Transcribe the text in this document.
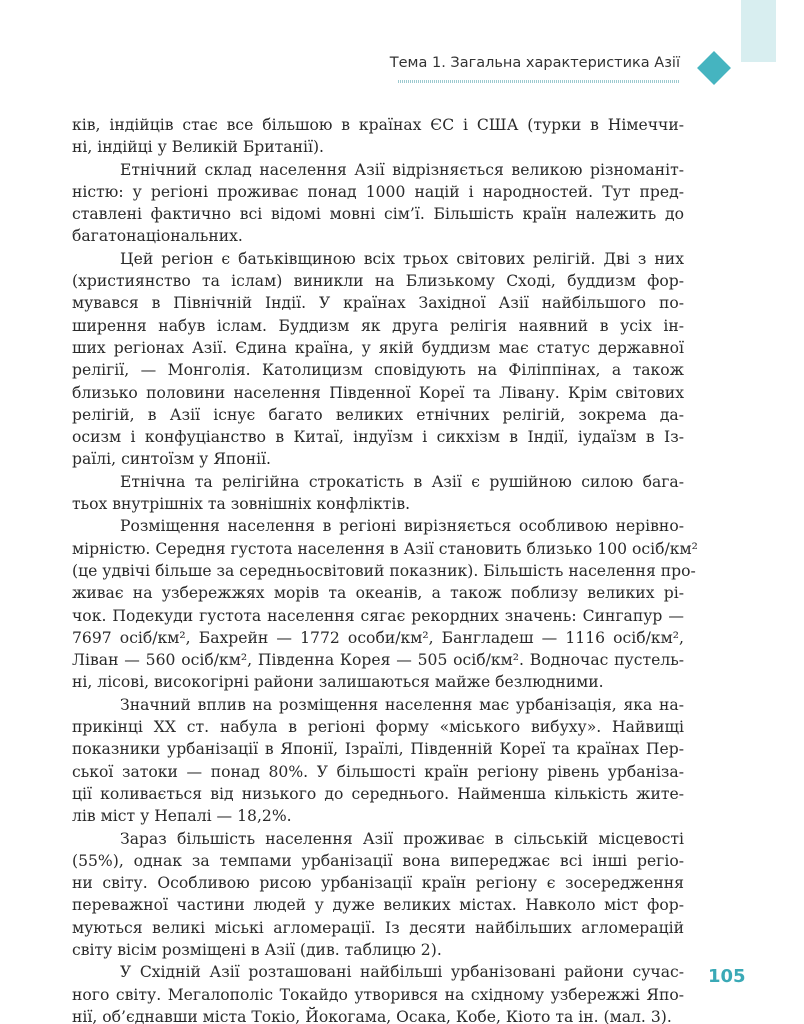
Тема 1. Загальна характеристика Азії
ків, індійців стає все більшою в країнах ЄС і США (турки в Німеччи-
ні, індійці у Великій Британії).
Етнічний склад населення Азії відрізняється великою різноманіт-
ністю: у регіоні проживає понад 1000 націй і народностей. Тут пред-
ставлені фактично всі відомі мовні сім’ї. Більшість країн належить до
багатонаціональних.
Цей регіон є батьківщиною всіх трьох світових релігій. Дві з них
(християнство та іслам) виникли на Близькому Сході, буддизм фор-
мувався в Північній Індії. У країнах Західної Азії найбільшого по-
ширення набув іслам. Буддизм як друга релігія наявний в усіх ін-
ших регіонах Азії. Єдина країна, у якій буддизм має статус державної
релігії, — Монголія. Католицизм сповідують на Філіппінах, а також
близько половини населення Південної Кореї та Лівану. Крім світових
релігій, в Азії існує багато великих етнічних релігій, зокрема да-
осизм і конфуціанство в Китаї, індуїзм і сикхізм в Індії, іудаїзм в Із-
раїлі, синтоїзм у Японії.
Етнічна та релігійна строкатість в Азії є рушійною силою бага-
тьох внутрішніх та зовнішніх конфліктів.
Розміщення населення в регіоні вирізняється особливою нерівно-
мірністю. Середня густота населення в Азії становить близько 100 осіб/км²
(це удвічі більше за середньосвітовий показник). Більшість населення про-
живає на узбережжях морів та океанів, а також поблизу великих рі-
чок. Подекуди густота населення сягає рекордних значень: Сингапур —
7697 осіб/км², Бахрейн — 1772 особи/км², Бангладеш — 1116 осіб/км²,
Ліван — 560 осіб/км², Південна Корея — 505 осіб/км². Водночас пустель-
ні, лісові, високогірні райони залишаються майже безлюдними.
Значний вплив на розміщення населення має урбанізація, яка на-
прикінці XX ст. набула в регіоні форму «міського вибуху». Найвищі
показники урбанізації в Японії, Ізраїлі, Південній Кореї та країнах Пер-
ської затоки — понад 80%. У більшості країн регіону рівень урбаніза-
ції коливається від низького до середнього. Найменша кількість жите-
лів міст у Непалі — 18,2%.
Зараз більшість населення Азії проживає в сільській місцевості
(55%), однак за темпами урбанізації вона випереджає всі інші регіо-
ни світу. Особливою рисою урбанізації країн регіону є зосередження
переважної частини людей у дуже великих містах. Навколо міст фор-
муються великі міські агломерації. Із десяти найбільших агломерацій
світу вісім розміщені в Азії (див. таблицю 2).
У Східній Азії розташовані найбільші урбанізовані райони сучас-
ного світу. Мегалополіс Токайдо утворився на східному узбережжі Япо-
нії, об’єднавши міста Токіо, Йокогама, Осака, Кобе, Кіото та ін. (мал. 3).
105
